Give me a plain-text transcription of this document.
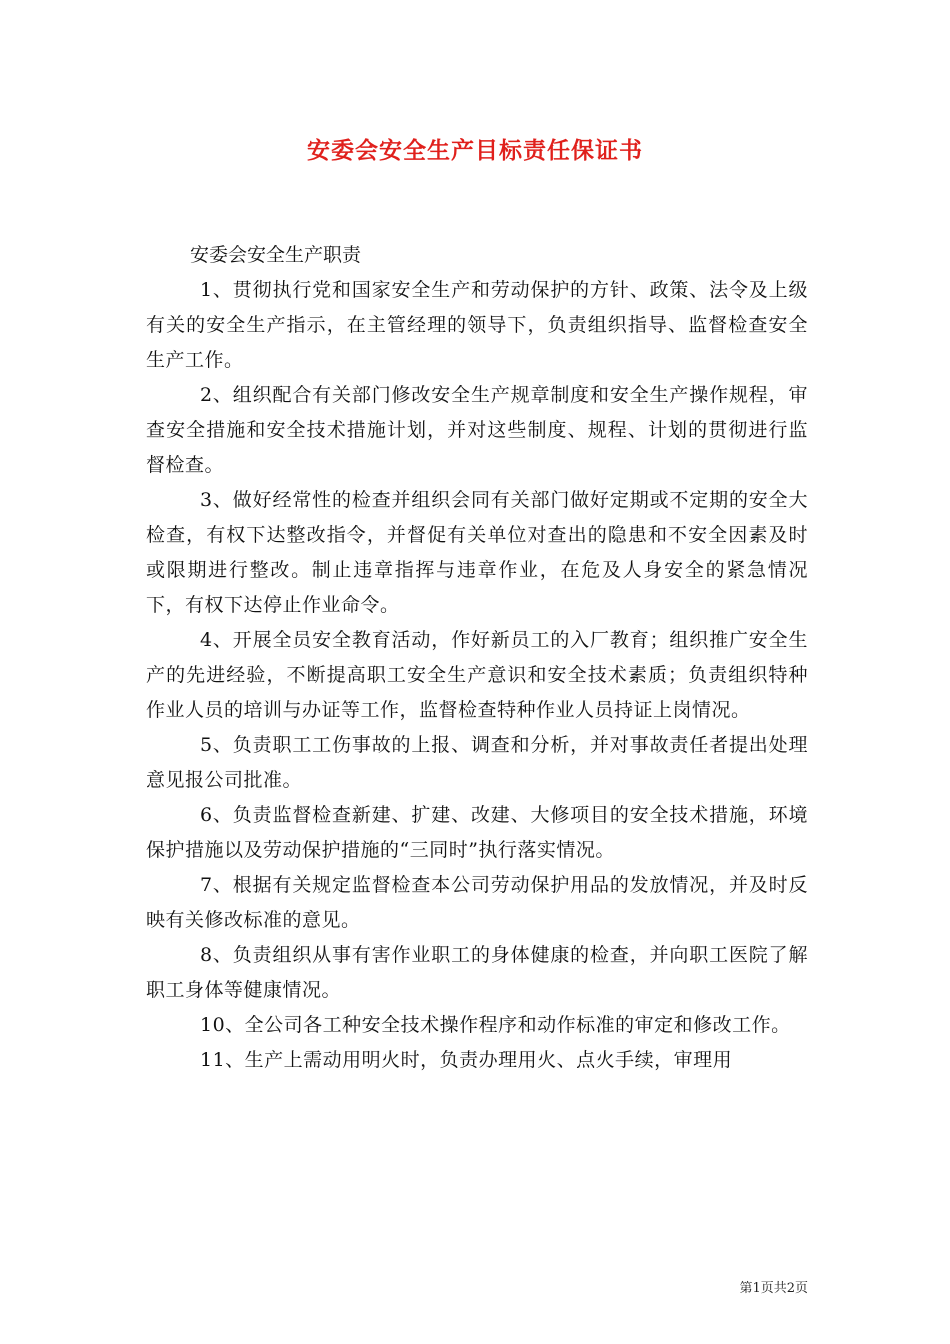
安委会安全生产目标责任保证书

安委会安全生产职责

1、贯彻执行党和国家安全生产和劳动保护的方针、政策、法令及上级有关的安全生产指示，在主管经理的领导下，负责组织指导、监督检查安全生产工作。

2、组织配合有关部门修改安全生产规章制度和安全生产操作规程，审查安全措施和安全技术措施计划，并对这些制度、规程、计划的贯彻进行监督检查。

3、做好经常性的检查并组织会同有关部门做好定期或不定期的安全大检查，有权下达整改指令，并督促有关单位对查出的隐患和不安全因素及时或限期进行整改。制止违章指挥与违章作业，在危及人身安全的紧急情况下，有权下达停止作业命令。

4、开展全员安全教育活动，作好新员工的入厂教育；组织推广安全生产的先进经验，不断提高职工安全生产意识和安全技术素质；负责组织特种作业人员的培训与办证等工作，监督检查特种作业人员持证上岗情况。

5、负责职工工伤事故的上报、调查和分析，并对事故责任者提出处理意见报公司批准。

6、负责监督检查新建、扩建、改建、大修项目的安全技术措施，环境保护措施以及劳动保护措施的“三同时”执行落实情况。

7、根据有关规定监督检查本公司劳动保护用品的发放情况，并及时反映有关修改标准的意见。

8、负责组织从事有害作业职工的身体健康的检查，并向职工医院了解职工身体等健康情况。

10、全公司各工种安全技术操作程序和动作标准的审定和修改工作。

11、生产上需动用明火时，负责办理用火、点火手续，审理用

第1页共2页
